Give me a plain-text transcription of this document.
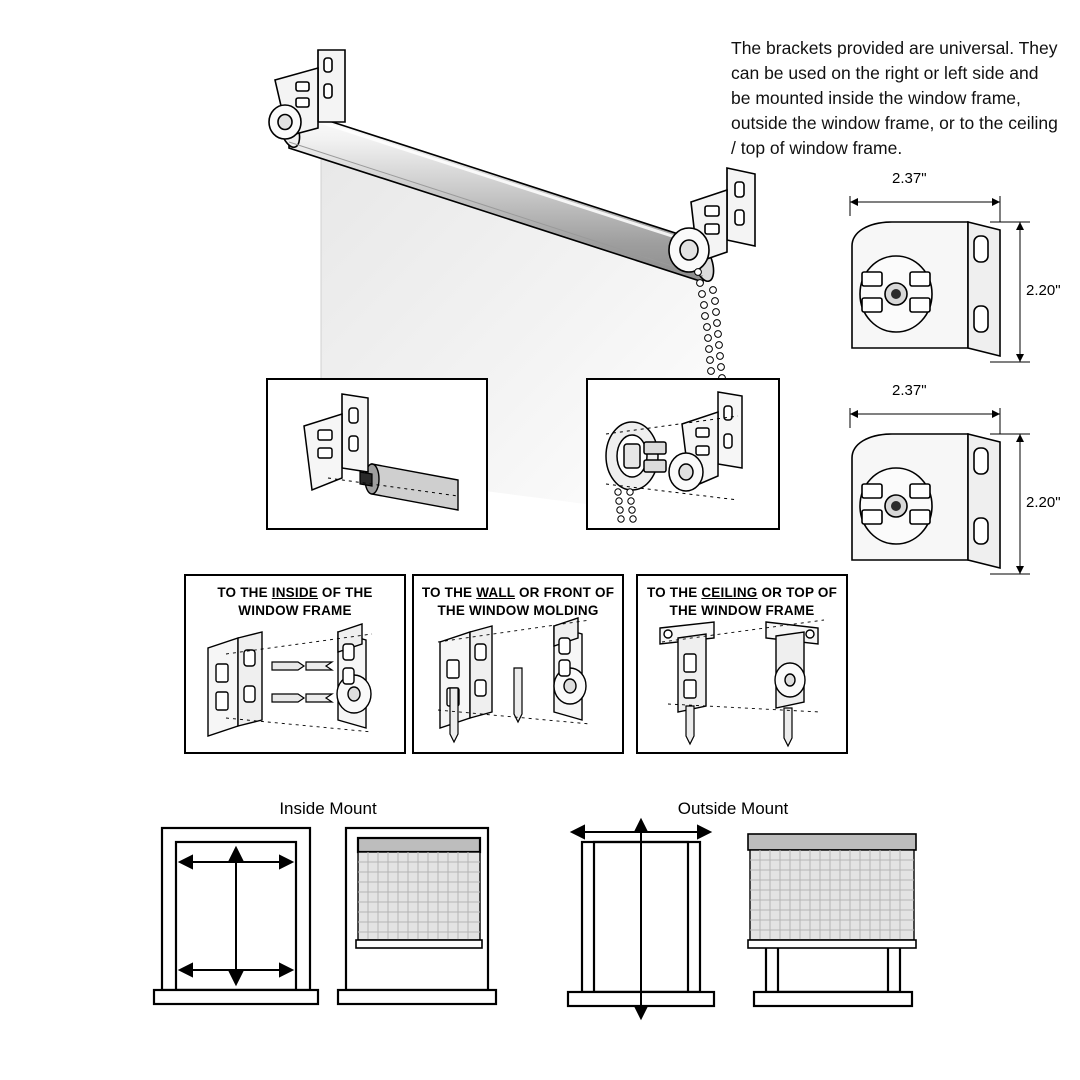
The brackets provided are universal. They can be used on the right or left side and be mounted inside the window frame, outside the window frame, or to the ceiling / top of window frame.
2.37"
2.20"
2.37"
2.20"
TO THE INSIDE OF THE
WINDOW FRAME
TO THE WALL OR FRONT OF
THE WINDOW MOLDING
TO THE CEILING OR TOP OF
THE WINDOW FRAME
Inside Mount	Outside Mount
